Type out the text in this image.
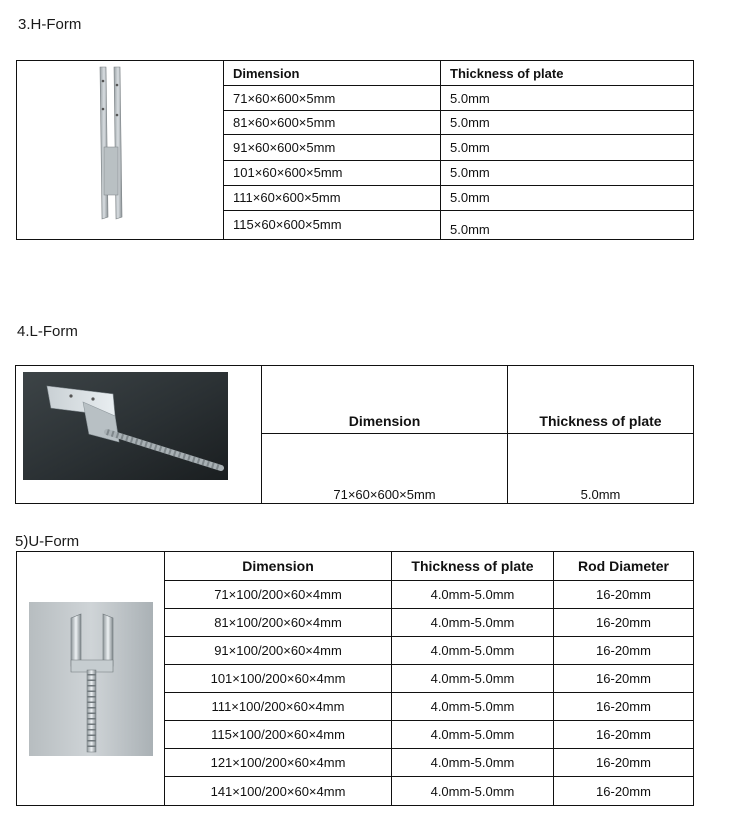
3.H-Form
	Dimension	Thickness of plate
	71×60×600×5mm	5.0mm
	81×60×600×5mm	5.0mm
	91×60×600×5mm	5.0mm
	101×60×600×5mm	5.0mm
	111×60×600×5mm	5.0mm
	115×60×600×5mm	5.0mm
4.L-Form
	Dimension	Thickness of plate
	71×60×600×5mm	5.0mm
5)U-Form
	Dimension	Thickness of plate	Rod Diameter
	71×100/200×60×4mm	4.0mm-5.0mm	16-20mm
	81×100/200×60×4mm	4.0mm-5.0mm	16-20mm
	91×100/200×60×4mm	4.0mm-5.0mm	16-20mm
	101×100/200×60×4mm	4.0mm-5.0mm	16-20mm
	111×100/200×60×4mm	4.0mm-5.0mm	16-20mm
	115×100/200×60×4mm	4.0mm-5.0mm	16-20mm
	121×100/200×60×4mm	4.0mm-5.0mm	16-20mm
	141×100/200×60×4mm	4.0mm-5.0mm	16-20mm
